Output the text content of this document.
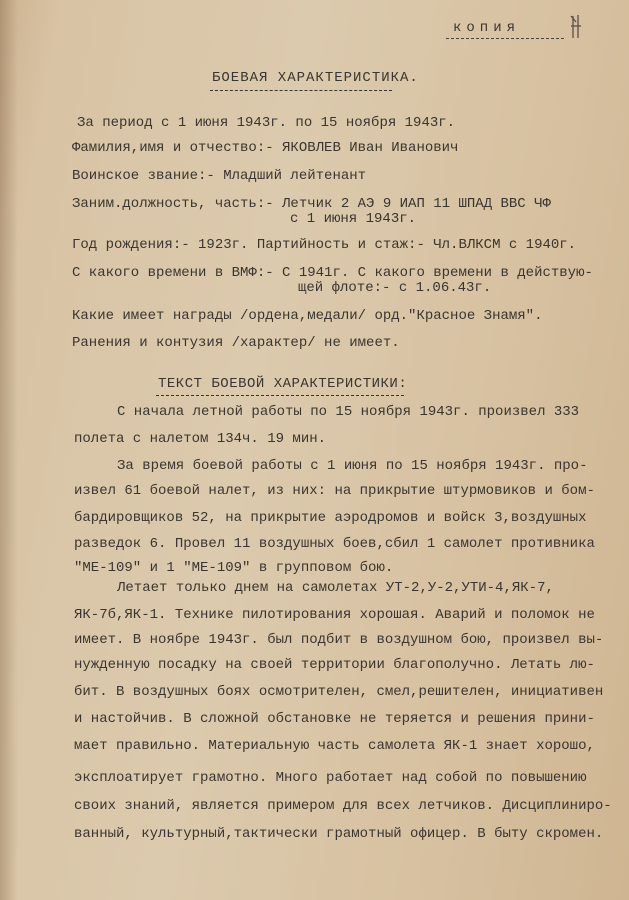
копия
БОЕВАЯ ХАРАКТЕРИСТИКА.
За период с 1 июня 1943г. по 15 ноября 1943г.
Фамилия,имя и отчество:- ЯКОВЛЕВ Иван Иванович
Воинское звание:- Младший лейтенант
Заним.должность, часть:- Летчик 2 АЭ 9 ИАП 11 ШПАД ВВС ЧФ
с 1 июня 1943г.
Год рождения:- 1923г. Партийность и стаж:- Чл.ВЛКСМ с 1940г.
С какого времени в ВМФ:- С 1941г. С какого времени в действую-
щей флоте:- с 1.06.43г.
Какие имеет награды /ордена,медали/ орд."Красное Знамя".
Ранения и контузия /характер/ не имеет.
ТЕКСТ БОЕВОЙ ХАРАКТЕРИСТИКИ:
С начала летной работы по 15 ноября 1943г. произвел 333
полета с налетом 134ч. 19 мин.
За время боевой работы с 1 июня по 15 ноября 1943г. про-
извел 61 боевой налет, из них: на прикрытие штурмовиков и бом-
бардировщиков 52, на прикрытие аэродромов и войск 3,воздушных
разведок 6. Провел 11 воздушных боев,сбил 1 самолет противника
"МЕ-109" и 1 "МЕ-109" в групповом бою.
Летает только днем на самолетах УТ-2,У-2,УТИ-4,ЯК-7,
ЯК-7б,ЯК-1. Технике пилотирования хорошая. Аварий и поломок не
имеет. В ноябре 1943г. был подбит в воздушном бою, произвел вы-
нужденную посадку на своей территории благополучно. Летать лю-
бит. В воздушных боях осмотрителен, смел,решителен, инициативен
и настойчив. В сложной обстановке не теряется и решения прини-
мает правильно. Материальную часть самолета ЯК-1 знает хорошо,
эксплоатирует грамотно. Много работает над собой по повышению
своих знаний, является примером для всех летчиков. Дисциплиниро-
ванный, культурный,тактически грамотный офицер. В быту скромен.
